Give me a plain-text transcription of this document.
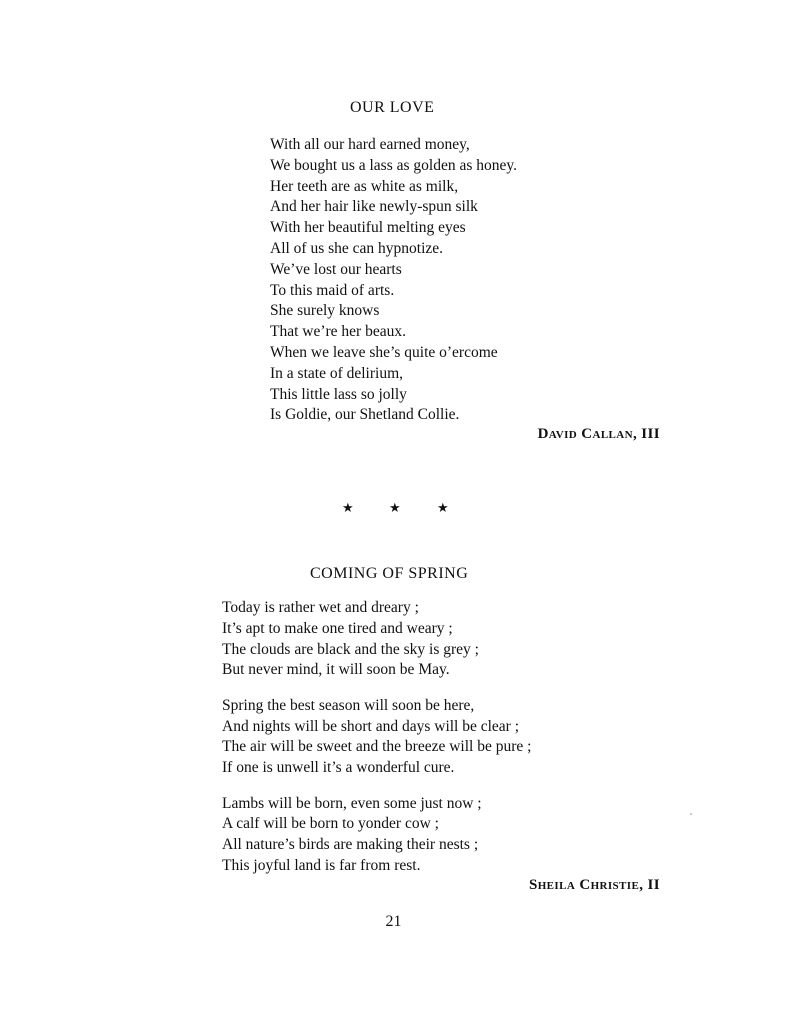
OUR LOVE
With all our hard earned money,
We bought us a lass as golden as honey.
Her teeth are as white as milk,
And her hair like newly-spun silk
With her beautiful melting eyes
All of us she can hypnotize.
We’ve lost our hearts
To this maid of arts.
She surely knows
That we’re her beaux.
When we leave she’s quite o’ercome
In a state of delirium,
This little lass so jolly
Is Goldie, our Shetland Collie.
David Callan, III
★	★	★
COMING OF SPRING
Today is rather wet and dreary ;
It’s apt to make one tired and weary ;
The clouds are black and the sky is grey ;
But never mind, it will soon be May.
Spring the best season will soon be here,
And nights will be short and days will be clear ;
The air will be sweet and the breeze will be pure ;
If one is unwell it’s a wonderful cure.
Lambs will be born, even some just now ;
A calf will be born to yonder cow ;
All nature’s birds are making their nests ;
This joyful land is far from rest.
Sheila Christie, II
21
